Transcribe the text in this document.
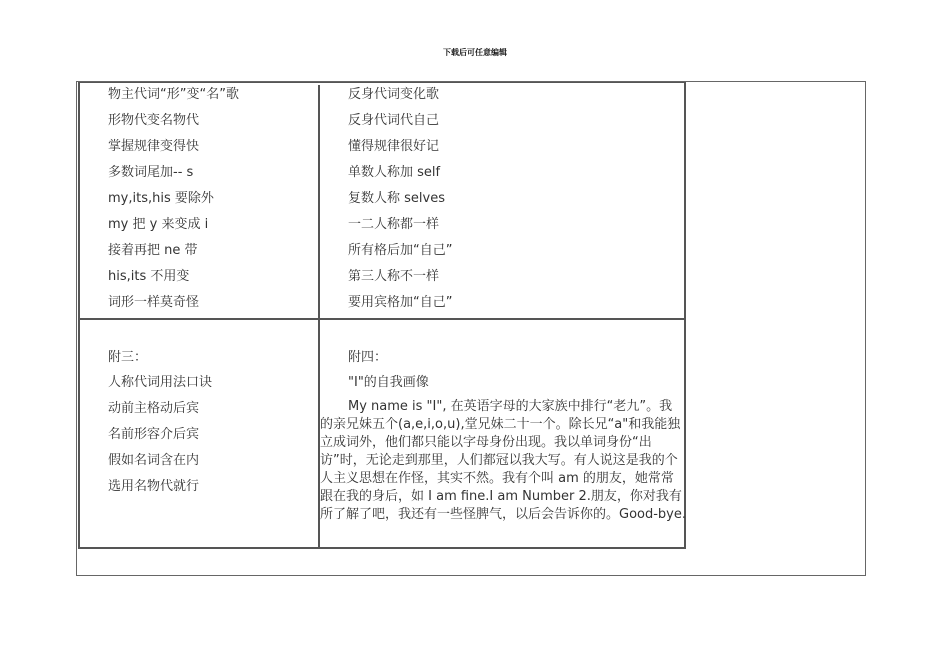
下载后可任意编辑
物主代词“形”变“名”歌
形物代变名物代
掌握规律变得快
多数词尾加-- s
my,its,his 要除外
my 把 y 来变成 i
接着再把 ne 带
his,its 不用变
词形一样莫奇怪
反身代词变化歌
反身代词代自己
懂得规律很好记
单数人称加 self
复数人称 selves
一二人称都一样
所有格后加“自己”
第三人称不一样
要用宾格加“自己”
附三：
人称代词用法口诀
动前主格动后宾
名前形容介后宾
假如名词含在内
选用名物代就行
附四：
"I"的自我画像

My name is "I", 在英语字母的大家族中排行“老九”。我

的亲兄妹五个(a,e,i,o,u),堂兄妹二十一个。除长兄“a"和我能独立成词外，他们都只能以字母身份出现。我以单词身份“出访”时，无论走到那里，人们都冠以我大写。有人说这是我的个人主义思想在作怪，其实不然。我有个叫 am 的朋友，她常常跟在我的身后，如 I am fine.I am Number 2.朋友，你对我有所了解了吧，我还有一些怪脾气，以后会告诉你的。Good-bye.
